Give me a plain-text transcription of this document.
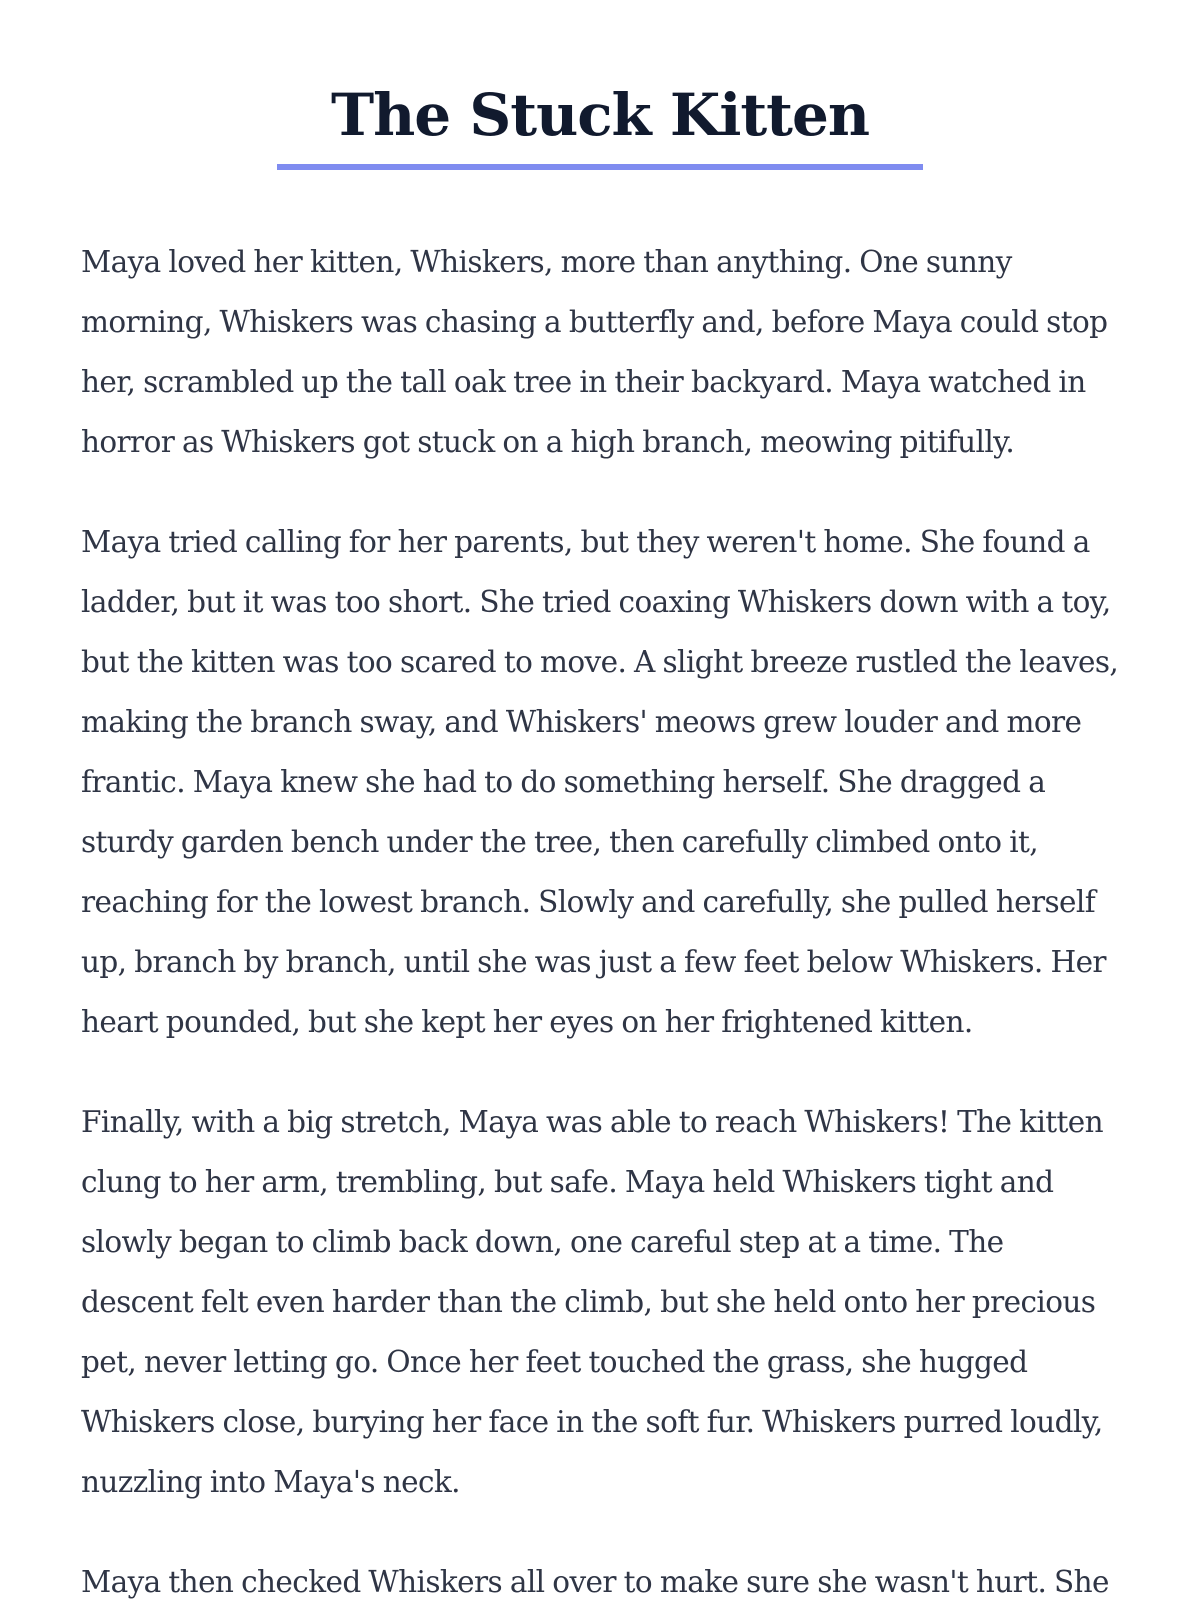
The Stuck Kitten

Maya loved her kitten, Whiskers, more than anything. One sunny morning, Whiskers was chasing a butterfly and, before Maya could stop her, scrambled up the tall oak tree in their backyard. Maya watched in horror as Whiskers got stuck on a high branch, meowing pitifully.

Maya tried calling for her parents, but they weren't home. She found a ladder, but it was too short. She tried coaxing Whiskers down with a toy, but the kitten was too scared to move. A slight breeze rustled the leaves, making the branch sway, and Whiskers' meows grew louder and more frantic. Maya knew she had to do something herself. She dragged a sturdy garden bench under the tree, then carefully climbed onto it, reaching for the lowest branch. Slowly and carefully, she pulled herself up, branch by branch, until she was just a few feet below Whiskers. Her heart pounded, but she kept her eyes on her frightened kitten.

Finally, with a big stretch, Maya was able to reach Whiskers! The kitten clung to her arm, trembling, but safe. Maya held Whiskers tight and slowly began to climb back down, one careful step at a time. The descent felt even harder than the climb, but she held onto her precious pet, never letting go. Once her feet touched the grass, she hugged Whiskers close, burying her face in the soft fur. Whiskers purred loudly, nuzzling into Maya's neck.

Maya then checked Whiskers all over to make sure she wasn't hurt. She
